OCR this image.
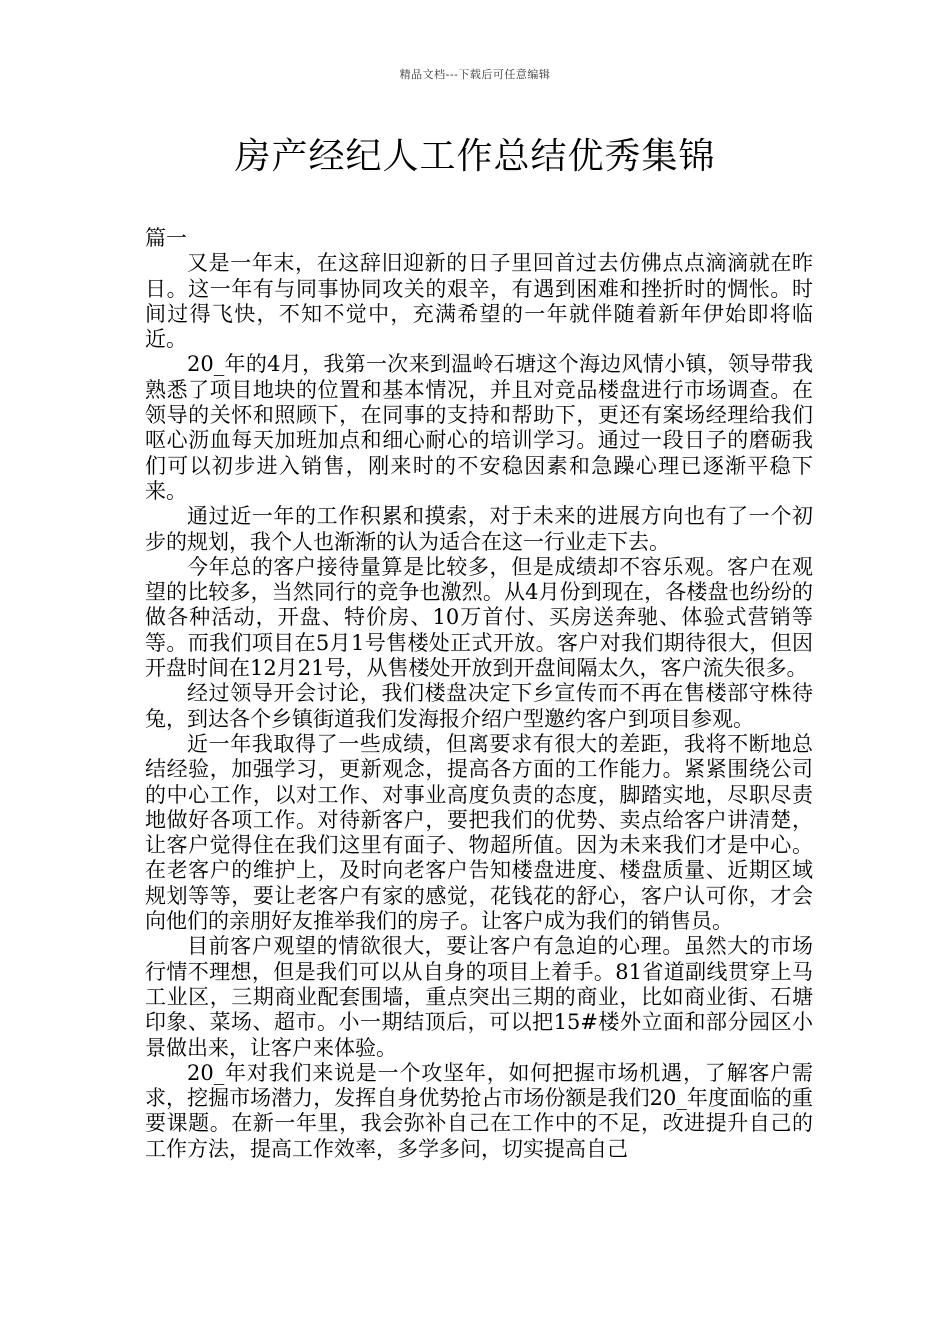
精品文档---下载后可任意编辑
房产经纪人工作总结优秀集锦
篇一

又是一年末，在这辞旧迎新的日子里回首过去仿佛点点滴滴就在昨日。这一年有与同事协同攻关的艰辛，有遇到困难和挫折时的惆怅。时间过得飞快，不知不觉中，充满希望的一年就伴随着新年伊始即将临近。

20_年的4月，我第一次来到温岭石塘这个海边风情小镇，领导带我熟悉了项目地块的位置和基本情况，并且对竞品楼盘进行市场调查。在领导的关怀和照顾下，在同事的支持和帮助下，更还有案场经理给我们呕心沥血每天加班加点和细心耐心的培训学习。通过一段日子的磨砺我们可以初步进入销售，刚来时的不安稳因素和急躁心理已逐渐平稳下来。

通过近一年的工作积累和摸索，对于未来的进展方向也有了一个初步的规划，我个人也渐渐的认为适合在这一行业走下去。

今年总的客户接待量算是比较多，但是成绩却不容乐观。客户在观望的比较多，当然同行的竞争也激烈。从4月份到现在，各楼盘也纷纷的做各种活动，开盘、特价房、10万首付、买房送奔驰、体验式营销等等。而我们项目在5月1号售楼处正式开放。客户对我们期待很大，但因开盘时间在12月21号，从售楼处开放到开盘间隔太久，客户流失很多。

经过领导开会讨论，我们楼盘决定下乡宣传而不再在售楼部守株待兔，到达各个乡镇街道我们发海报介绍户型邀约客户到项目参观。

近一年我取得了一些成绩，但离要求有很大的差距，我将不断地总结经验，加强学习，更新观念，提高各方面的工作能力。紧紧围绕公司的中心工作，以对工作、对事业高度负责的态度，脚踏实地，尽职尽责地做好各项工作。对待新客户，要把我们的优势、卖点给客户讲清楚，让客户觉得住在我们这里有面子、物超所值。因为未来我们才是中心。在老客户的维护上，及时向老客户告知楼盘进度、楼盘质量、近期区域规划等等，要让老客户有家的感觉，花钱花的舒心，客户认可你，才会向他们的亲朋好友推举我们的房子。让客户成为我们的销售员。

目前客户观望的情欲很大，要让客户有急迫的心理。虽然大的市场行情不理想，但是我们可以从自身的项目上着手。81省道副线贯穿上马工业区，三期商业配套围墙，重点突出三期的商业，比如商业街、石塘印象、菜场、超市。小一期结顶后，可以把15#楼外立面和部分园区小景做出来，让客户来体验。

20_年对我们来说是一个攻坚年，如何把握市场机遇，了解客户需求，挖掘市场潜力，发挥自身优势抢占市场份额是我们20_年度面临的重要课题。在新一年里，我会弥补自己在工作中的不足，改进提升自己的工作方法，提高工作效率，多学多问，切实提高自己
